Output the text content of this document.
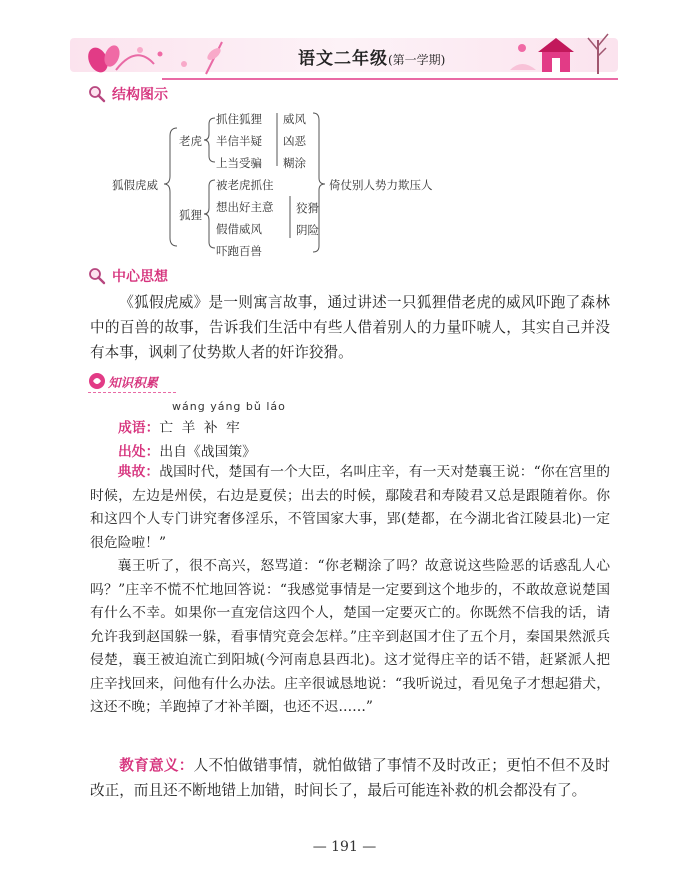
语文二年级(第一学期)
结构图示
狐假虎威
老虎
抓住狐狸
半信半疑
上当受骗
威风
凶恶
糊涂
狐狸
被老虎抓住
想出好主意
假借威风
吓跑百兽
狡猾
阴险
倚仗别人势力欺压人
中心思想
《狐假虎威》是一则寓言故事，通过讲述一只狐狸借老虎的威风吓跑了森林中的百兽的故事，告诉我们生活中有些人借着别人的力量吓唬人，其实自己并没有本事，讽刺了仗势欺人者的奸诈狡猾。
知识积累
wáng yáng bǔ láo
成语：亡 羊 补 牢
出处：出自《战国策》
典故：战国时代，楚国有一个大臣，名叫庄辛，有一天对楚襄王说：“你在宫里的时候，左边是州侯，右边是夏侯；出去的时候，鄢陵君和寿陵君又总是跟随着你。你和这四个人专门讲究奢侈淫乐，不管国家大事，郢(楚都，在今湖北省江陵县北)一定很危险啦！”
襄王听了，很不高兴，怒骂道：“你老糊涂了吗？故意说这些险恶的话惑乱人心吗？”庄辛不慌不忙地回答说：“我感觉事情是一定要到这个地步的，不敢故意说楚国有什么不幸。如果你一直宠信这四个人，楚国一定要灭亡的。你既然不信我的话，请允许我到赵国躲一躲，看事情究竟会怎样。”庄辛到赵国才住了五个月，秦国果然派兵侵楚，襄王被迫流亡到阳城(今河南息县西北)。这才觉得庄辛的话不错，赶紧派人把庄辛找回来，问他有什么办法。庄辛很诚恳地说：“我听说过，看见兔子才想起猎犬，这还不晚；羊跑掉了才补羊圈，也还不迟……”
教育意义：人不怕做错事情，就怕做错了事情不及时改正；更怕不但不及时改正，而且还不断地错上加错，时间长了，最后可能连补救的机会都没有了。
— 191 —
